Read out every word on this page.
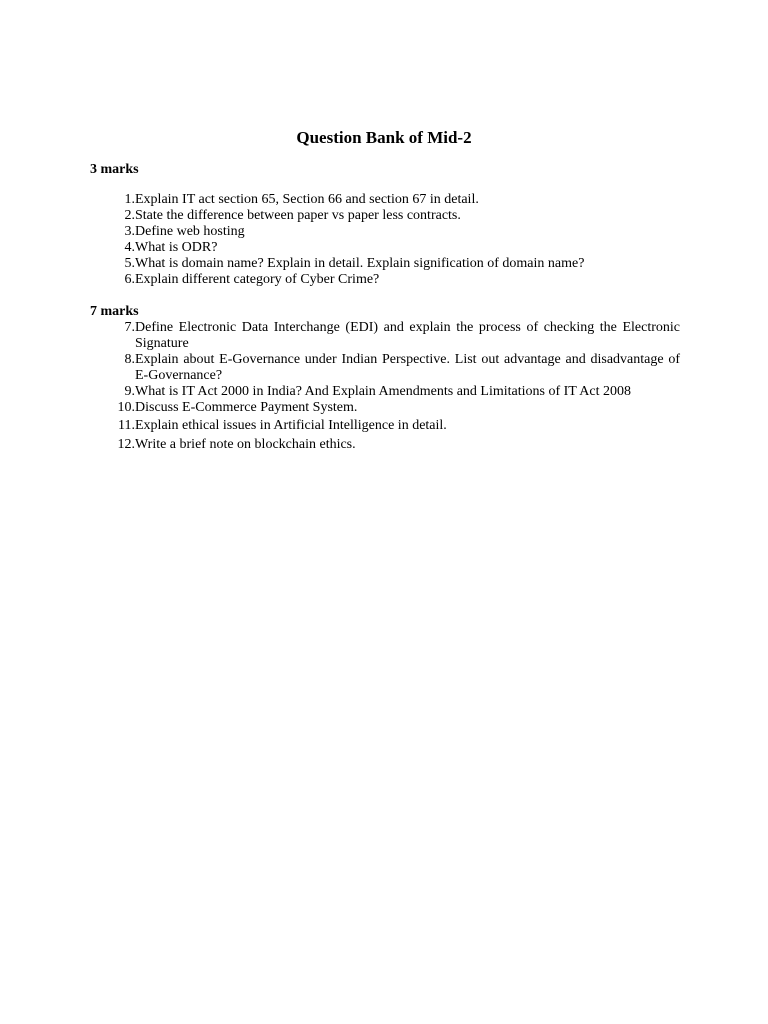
Question Bank of Mid-2
3 marks
1. Explain IT act section 65, Section 66 and section 67 in detail.
2. State the difference between paper vs paper less contracts.
3. Define web hosting
4. What is ODR?
5. What is domain name? Explain in detail. Explain signification of domain name?
6. Explain different category of Cyber Crime?
7 marks
7. Define Electronic Data Interchange (EDI) and explain the process of checking the Electronic Signature
8. Explain about E-Governance under Indian Perspective. List out advantage and disadvantage of E-Governance?
9. What is IT Act 2000 in India? And Explain Amendments and Limitations of IT Act 2008
10. Discuss E-Commerce Payment System.
11. Explain ethical issues in Artificial Intelligence in detail.
12. Write a brief note on blockchain ethics.
